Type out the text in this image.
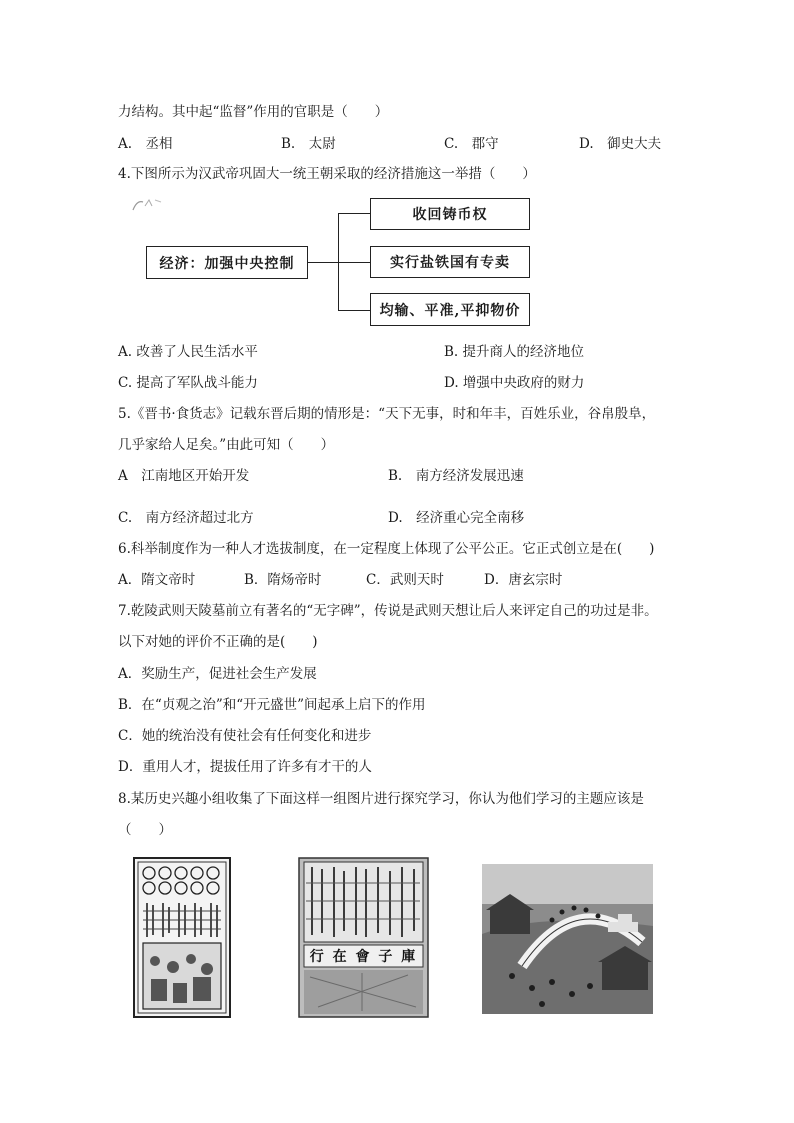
力结构。其中起“监督”作用的官职是（　　）
A.　丞相	B.　太尉	C.　郡守	D.　御史大夫
4.下图所示为汉武帝巩固大一统王朝采取的经济措施这一举措（　　）
经济：加强中央控制
收回铸币权
实行盐铁国有专卖
均输、平准,平抑物价
A. 改善了人民生活水平	B. 提升商人的经济地位
C. 提高了军队战斗能力	D. 增强中央政府的财力
5.《晋书·食货志》记载东晋后期的情形是：“天下无事，时和年丰，百姓乐业，谷帛殷阜，
几乎家给人足矣。”由此可知（　　）
A　江南地区开始开发	B.　南方经济发展迅速
C.　南方经济超过北方	D.　经济重心完全南移
6.科举制度作为一种人才选拔制度，在一定程度上体现了公平公正。它正式创立是在(　　)
A．隋文帝时	B．隋炀帝时	C．武则天时	D．唐玄宗时
7.乾陵武则天陵墓前立有著名的“无字碑”，传说是武则天想让后人来评定自己的功过是非。
以下对她的评价不正确的是(　　)
A．奖励生产，促进社会生产发展
B．在“贞观之治”和“开元盛世”间起承上启下的作用
C．她的统治没有使社会有任何变化和进步
D．重用人才，提拔任用了许多有才干的人
8.某历史兴趣小组收集了下面这样一组图片进行探究学习，你认为他们学习的主题应该是
（　　）
行 在 會 子 庫
